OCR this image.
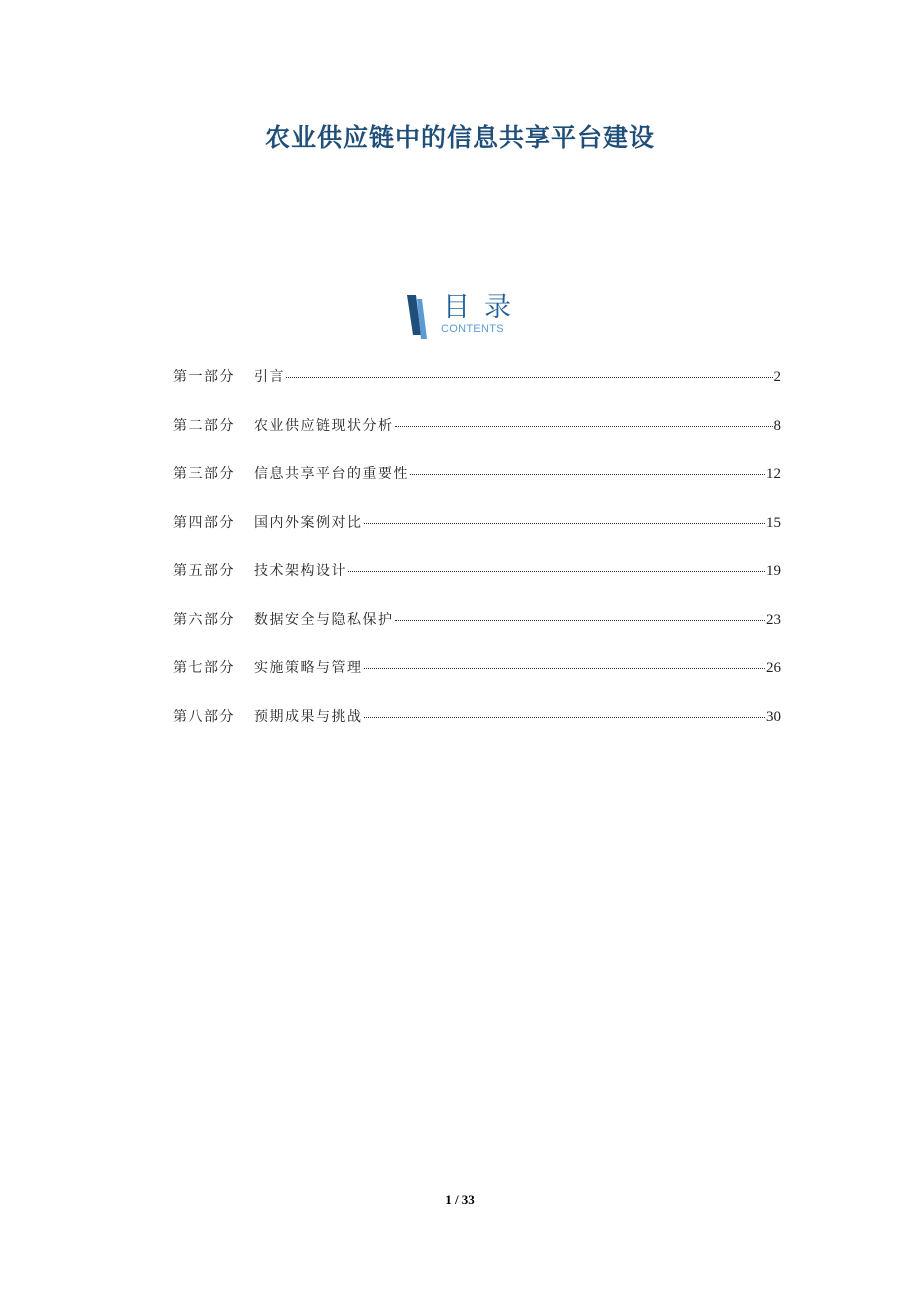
农业供应链中的信息共享平台建设
目录
CONTENTS
第一部分	引言	2
第二部分	农业供应链现状分析	8
第三部分	信息共享平台的重要性	12
第四部分	国内外案例对比	15
第五部分	技术架构设计	19
第六部分	数据安全与隐私保护	23
第七部分	实施策略与管理	26
第八部分	预期成果与挑战	30
1 / 33
